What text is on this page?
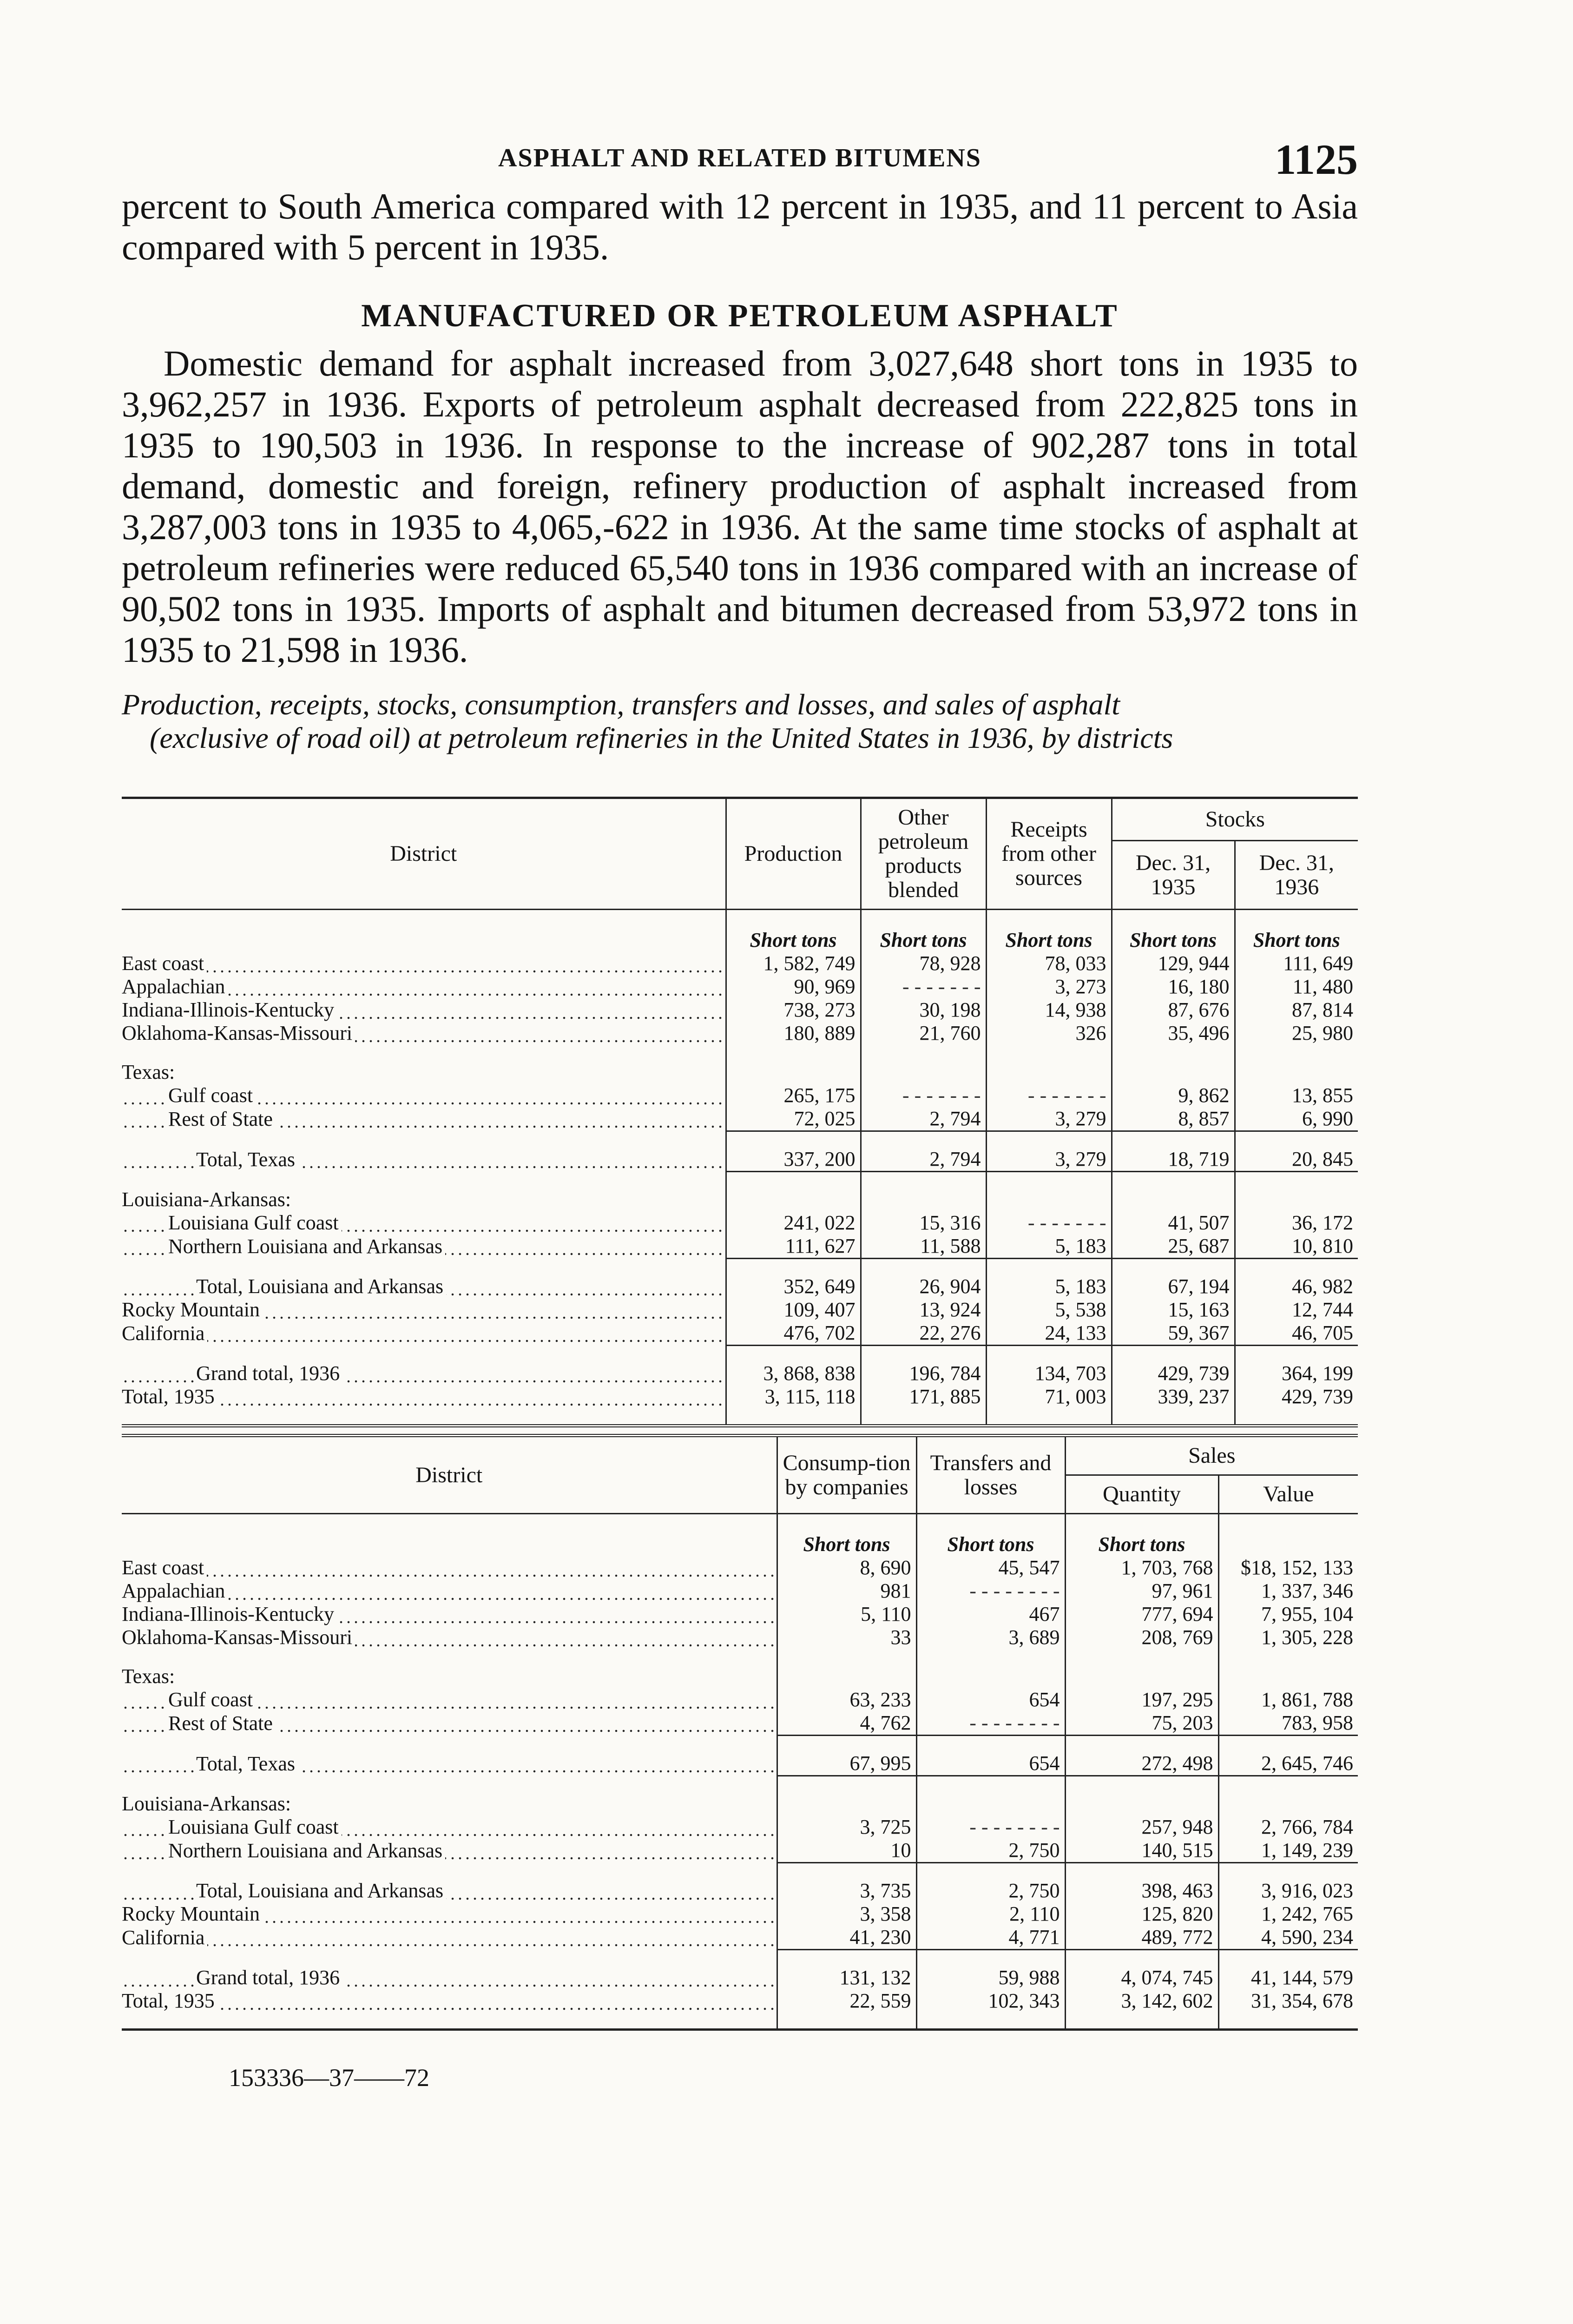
ASPHALT AND RELATED BITUMENS	1125

percent to South America compared with 12 percent in 1935, and 11 percent to Asia compared with 5 percent in 1935.

MANUFACTURED OR PETROLEUM ASPHALT

Domestic demand for asphalt increased from 3,027,648 short tons in 1935 to 3,962,257 in 1936. Exports of petroleum asphalt decreased from 222,825 tons in 1935 to 190,503 in 1936. In response to the increase of 902,287 tons in total demand, domestic and foreign, refinery production of asphalt increased from 3,287,003 tons in 1935 to 4,065,-622 in 1936. At the same time stocks of asphalt at petroleum refineries were reduced 65,540 tons in 1936 compared with an increase of 90,502 tons in 1935. Imports of asphalt and bitumen decreased from 53,972 tons in 1935 to 21,598 in 1936.

Production, receipts, stocks, consumption, transfers and losses, and sales of asphalt
(exclusive of road oil) at petroleum refineries in the United States in 1936, by districts

District	Production	Other petroleum products blended	Receipts from other sources	Stocks	
				Dec. 31, 1935	Dec. 31, 1936
	Short tons	Short tons	Short tons	Short tons	Short tons
East coast	1, 582, 749	78, 928	78, 033	129, 944	111, 649
Appalachian	90, 969	- - - - - - -	3, 273	16, 180	11, 480
Indiana-Illinois-Kentucky	738, 273	30, 198	14, 938	87, 676	87, 814
Oklahoma-Kansas-Missouri	180, 889	21, 760	326	35, 496	25, 980

Texas:					
Gulf coast	265, 175	- - - - - - -	- - - - - - -	9, 862	13, 855
Rest of State	72, 025	2, 794	3, 279	8, 857	6, 990

Total, Texas	337, 200	2, 794	3, 279	18, 719	20, 845

Louisiana-Arkansas:					
Louisiana Gulf coast	241, 022	15, 316	- - - - - - -	41, 507	36, 172
Northern Louisiana and Arkansas	111, 627	11, 588	5, 183	25, 687	10, 810

Total, Louisiana and Arkansas	352, 649	26, 904	5, 183	67, 194	46, 982
Rocky Mountain	109, 407	13, 924	5, 538	15, 163	12, 744
California	476, 702	22, 276	24, 133	59, 367	46, 705

Grand total, 1936	3, 868, 838	196, 784	134, 703	429, 739	364, 199
Total, 1935	3, 115, 118	171, 885	71, 003	339, 237	429, 739

District	Consump-tion by companies	Transfers and losses	Sales	
			Quantity	Value
	Short tons	Short tons	Short tons	
East coast	8, 690	45, 547	1, 703, 768	$18, 152, 133
Appalachian	981	- - - - - - - -	97, 961	1, 337, 346
Indiana-Illinois-Kentucky	5, 110	467	777, 694	7, 955, 104
Oklahoma-Kansas-Missouri	33	3, 689	208, 769	1, 305, 228

Texas:				
Gulf coast	63, 233	654	197, 295	1, 861, 788
Rest of State	4, 762	- - - - - - - -	75, 203	783, 958

Total, Texas	67, 995	654	272, 498	2, 645, 746

Louisiana-Arkansas:				
Louisiana Gulf coast	3, 725	- - - - - - - -	257, 948	2, 766, 784
Northern Louisiana and Arkansas	10	2, 750	140, 515	1, 149, 239

Total, Louisiana and Arkansas	3, 735	2, 750	398, 463	3, 916, 023
Rocky Mountain	3, 358	2, 110	125, 820	1, 242, 765
California	41, 230	4, 771	489, 772	4, 590, 234

Grand total, 1936	131, 132	59, 988	4, 074, 745	41, 144, 579
Total, 1935	22, 559	102, 343	3, 142, 602	31, 354, 678

153336—37——72
